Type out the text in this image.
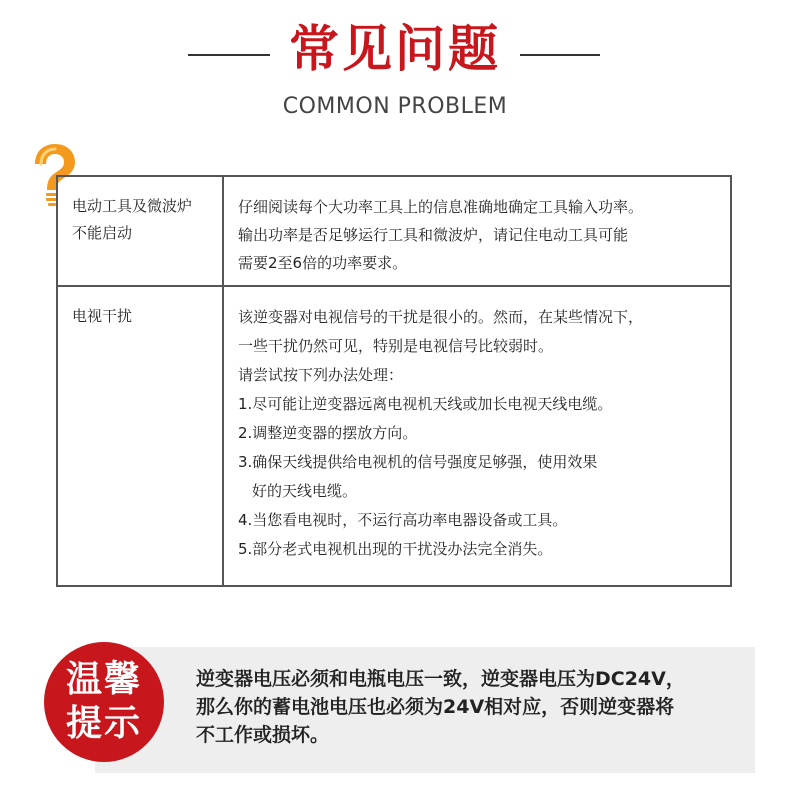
常见问题
COMMON PROBLEM
电动工具及微波炉
不能启动
仔细阅读每个大功率工具上的信息准确地确定工具输入功率。
输出功率是否足够运行工具和微波炉，请记住电动工具可能
需要2至6倍的功率要求。
电视干扰	该逆变器对电视信号的干扰是很小的。然而，在某些情况下，
一些干扰仍然可见，特别是电视信号比较弱时。
请尝试按下列办法处理：
1.尽可能让逆变器远离电视机天线或加长电视天线电缆。
2.调整逆变器的摆放方向。
3.确保天线提供给电视机的信号强度足够强，使用效果
好的天线电缆。
4.当您看电视时，不运行高功率电器设备或工具。
5.部分老式电视机出现的干扰没办法完全消失。
温馨
提示
逆变器电压必须和电瓶电压一致，逆变器电压为DC24V，
那么你的蓄电池电压也必须为24V相对应，否则逆变器将
不工作或损坏。
